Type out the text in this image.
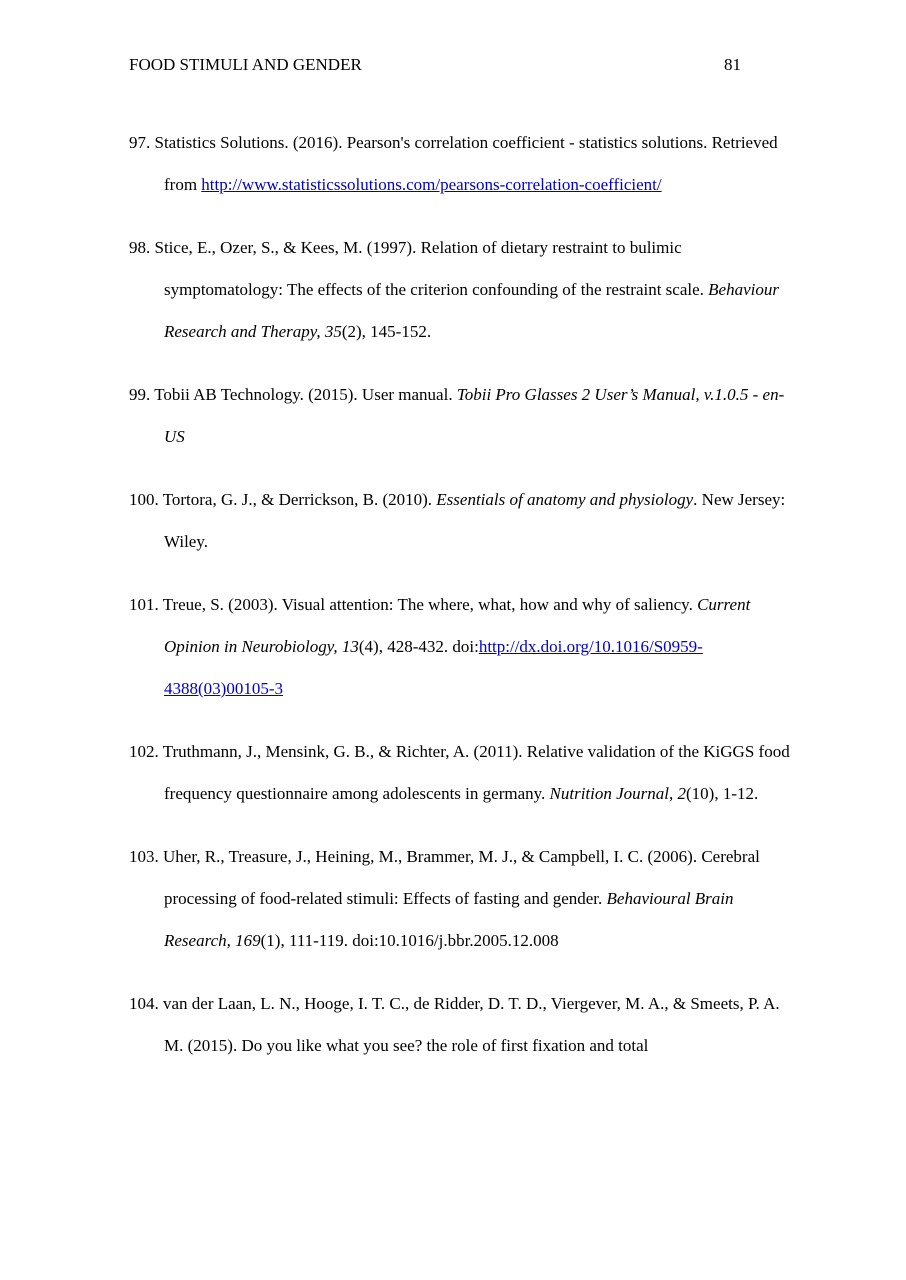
FOOD STIMULI AND GENDER	81

97. Statistics Solutions. (2016). Pearson's correlation coefficient - statistics solutions. Retrieved from http://www.statisticssolutions.com/pearsons-correlation-coefficient/

98. Stice, E., Ozer, S., & Kees, M. (1997). Relation of dietary restraint to bulimic symptomatology: The effects of the criterion confounding of the restraint scale. Behaviour Research and Therapy, 35(2), 145-152.

99. Tobii AB Technology. (2015). User manual. Tobii Pro Glasses 2 User’s Manual, v.1.0.5 - en-US

100. Tortora, G. J., & Derrickson, B. (2010). Essentials of anatomy and physiology. New Jersey: Wiley.

101. Treue, S. (2003). Visual attention: The where, what, how and why of saliency. Current Opinion in Neurobiology, 13(4), 428-432. doi:http://dx.doi.org/10.1016/S0959-4388(03)00105-3

102. Truthmann, J., Mensink, G. B., & Richter, A. (2011). Relative validation of the KiGGS food frequency questionnaire among adolescents in germany. Nutrition Journal, 2(10), 1-12.

103. Uher, R., Treasure, J., Heining, M., Brammer, M. J., & Campbell, I. C. (2006). Cerebral processing of food-related stimuli: Effects of fasting and gender. Behavioural Brain Research, 169(1), 111-119. doi:10.1016/j.bbr.2005.12.008

104. van der Laan, L. N., Hooge, I. T. C., de Ridder, D. T. D., Viergever, M. A., & Smeets, P. A. M. (2015). Do you like what you see? the role of first fixation and total
